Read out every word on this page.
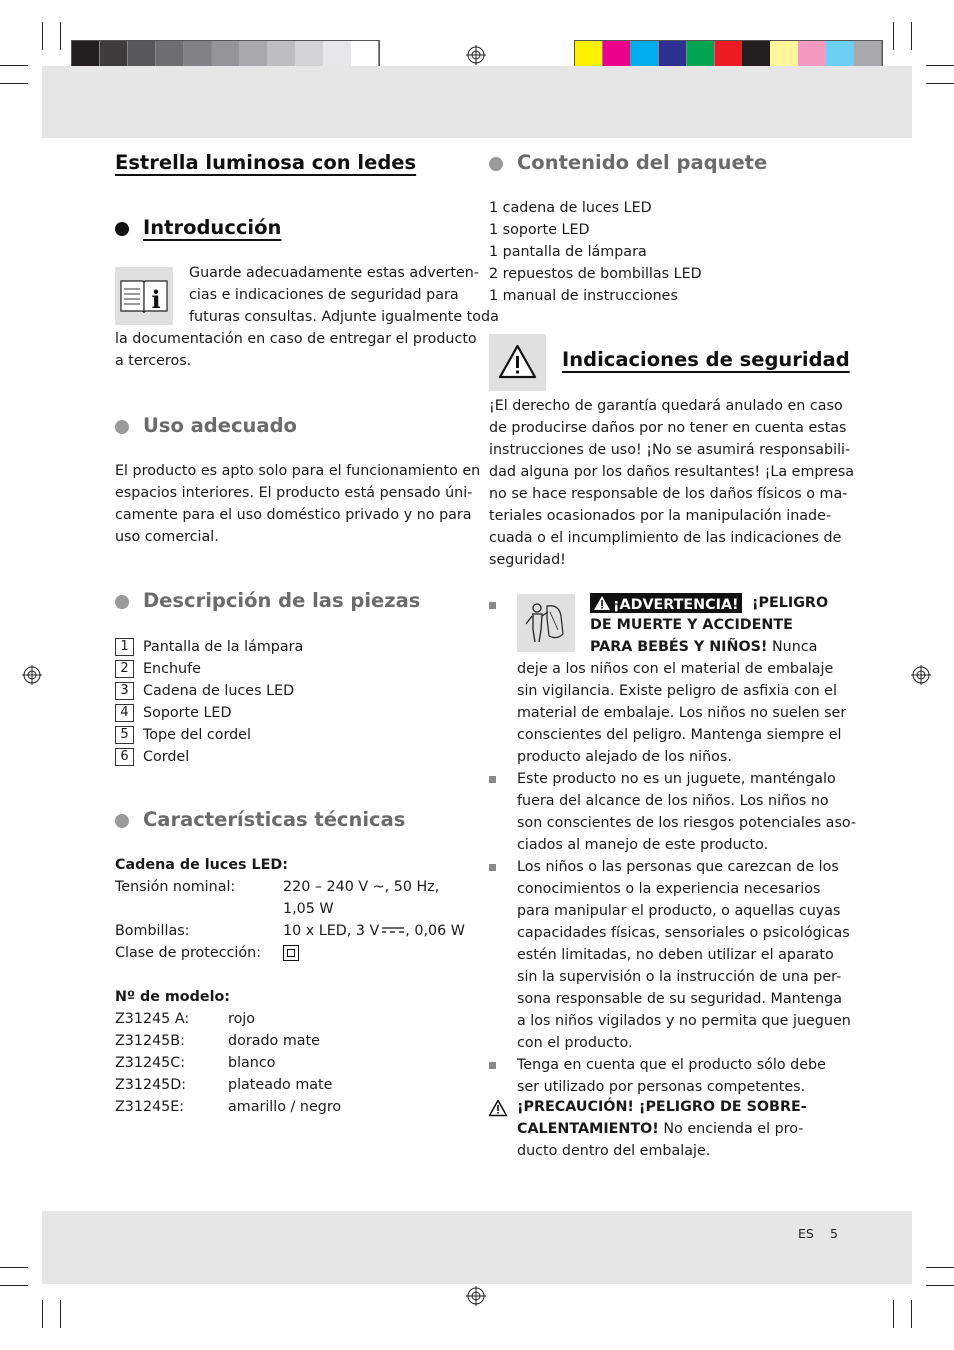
Estrella luminosa con ledes
Introducción
i
Guarde adecuadamente estas adverten-
cias e indicaciones de seguridad para
futuras consultas. Adjunte igualmente toda
la documentación en caso de entregar el producto
a terceros.
Uso adecuado
El producto es apto solo para el funcionamiento en
espacios interiores. El producto está pensado úni-
camente para el uso doméstico privado y no para
uso comercial.
Descripción de las piezas
1	Pantalla de la lámpara
2	Enchufe
3	Cadena de luces LED
4	Soporte LED
5	Tope del cordel
6	Cordel
Características técnicas
Cadena de luces LED:
Tensión nominal:	220 – 240 V ~, 50 Hz,
1,05 W
Bombillas:	10 x LED, 3 V , 0,06 W
Clase de protección:
Nº de modelo:
Z31245 A:	rojo
Z31245B:	dorado mate
Z31245C:	blanco
Z31245D:	plateado mate
Z31245E:	amarillo / negro
Contenido del paquete
1 cadena de luces LED
1 soporte LED
1 pantalla de lámpara
2 repuestos de bombillas LED
1 manual de instrucciones
Indicaciones de seguridad
¡El derecho de garantía quedará anulado en caso
de producirse daños por no tener en cuenta estas
instrucciones de uso! ¡No se asumirá responsabili-
dad alguna por los daños resultantes! ¡La empresa
no se hace responsable de los daños físicos o ma-
teriales ocasionados por la manipulación inade-
cuada o el incumplimiento de las indicaciones de
seguridad!
¡ADVERTENCIA! ¡PELIGRO
DE MUERTE Y ACCIDENTE
PARA BEBÉS Y NIÑOS! Nunca
deje a los niños con el material de embalaje
sin vigilancia. Existe peligro de asfixia con el
material de embalaje. Los niños no suelen ser
conscientes del peligro. Mantenga siempre el
producto alejado de los niños.
Este producto no es un juguete, manténgalo
fuera del alcance de los niños. Los niños no
son conscientes de los riesgos potenciales aso-
ciados al manejo de este producto.
Los niños o las personas que carezcan de los
conocimientos o la experiencia necesarios
para manipular el producto, o aquellas cuyas
capacidades físicas, sensoriales o psicológicas
estén limitadas, no deben utilizar el aparato
sin la supervisión o la instrucción de una per-
sona responsable de su seguridad. Mantenga
a los niños vigilados y no permita que jueguen
con el producto.
Tenga en cuenta que el producto sólo debe
ser utilizado por personas competentes.
¡PRECAUCIÓN! ¡PELIGRO DE SOBRE-
CALENTAMIENTO! No encienda el pro-
ducto dentro del embalaje.
ES 5
